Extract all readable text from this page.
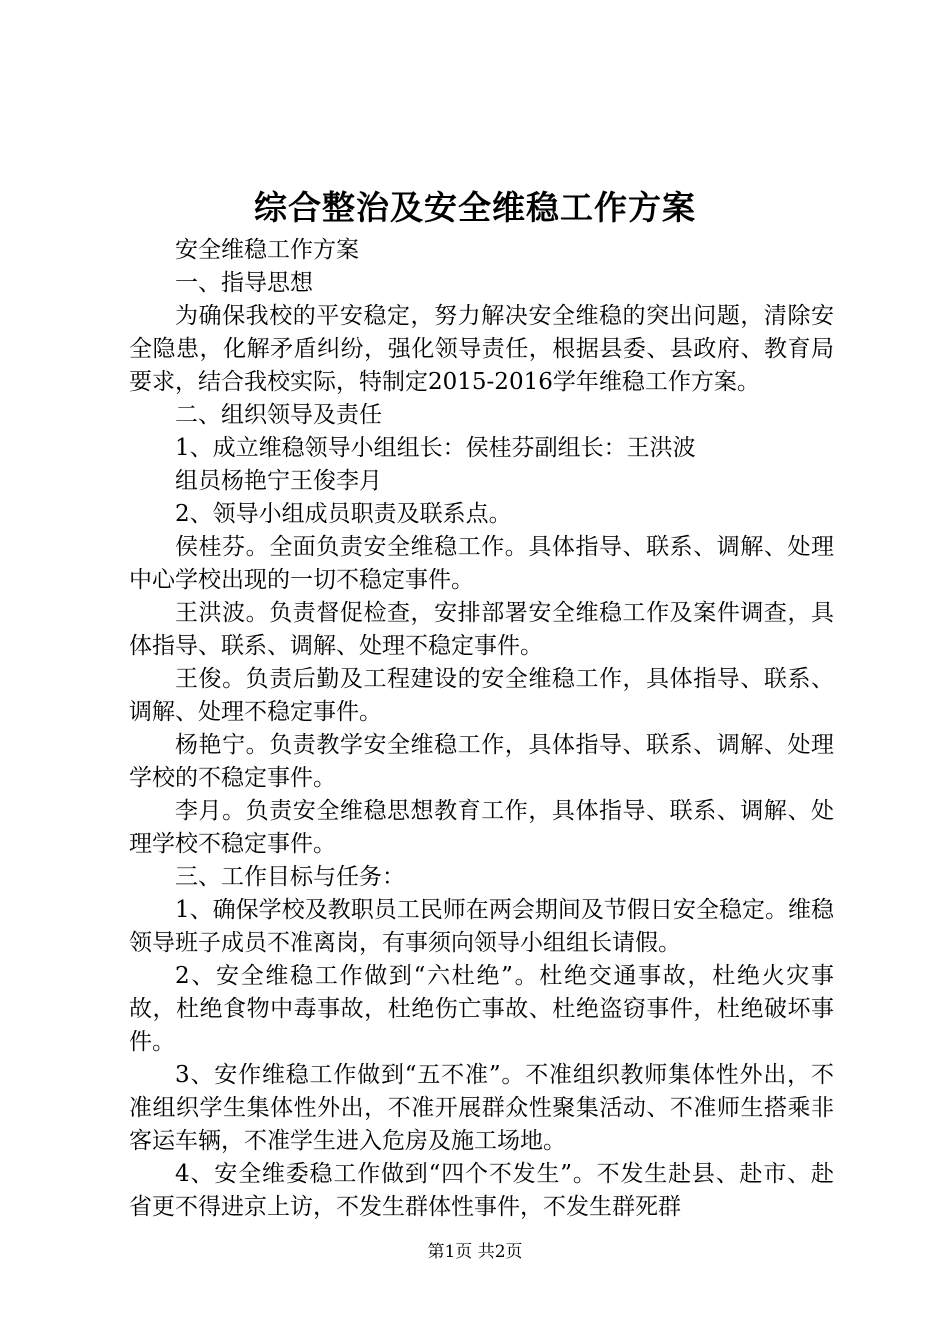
综合整治及安全维稳工作方案

安全维稳工作方案

一、指导思想

为确保我校的平安稳定，努力解决安全维稳的突出问题，清除安全隐患，化解矛盾纠纷，强化领导责任，根据县委、县政府、教育局要求，结合我校实际，特制定2015-2016学年维稳工作方案。

二、组织领导及责任

1、成立维稳领导小组组长：侯桂芬副组长：王洪波

组员杨艳宁王俊李月

2、领导小组成员职责及联系点。

侯桂芬。全面负责安全维稳工作。具体指导、联系、调解、处理中心学校出现的一切不稳定事件。

王洪波。负责督促检查，安排部署安全维稳工作及案件调查，具体指导、联系、调解、处理不稳定事件。

王俊。负责后勤及工程建设的安全维稳工作，具体指导、联系、调解、处理不稳定事件。

杨艳宁。负责教学安全维稳工作，具体指导、联系、调解、处理学校的不稳定事件。

李月。负责安全维稳思想教育工作，具体指导、联系、调解、处理学校不稳定事件。

三、工作目标与任务：

1、确保学校及教职员工民师在两会期间及节假日安全稳定。维稳领导班子成员不准离岗，有事须向领导小组组长请假。

2、安全维稳工作做到“六杜绝”。杜绝交通事故，杜绝火灾事故，杜绝食物中毒事故，杜绝伤亡事故、杜绝盗窃事件，杜绝破坏事件。

3、安作维稳工作做到“五不准”。不准组织教师集体性外出，不准组织学生集体性外出，不准开展群众性聚集活动、不准师生搭乘非客运车辆，不准学生进入危房及施工场地。

4、安全维委稳工作做到“四个不发生”。不发生赴县、赴市、赴省更不得进京上访，不发生群体性事件，不发生群死群

第1页 共2页
